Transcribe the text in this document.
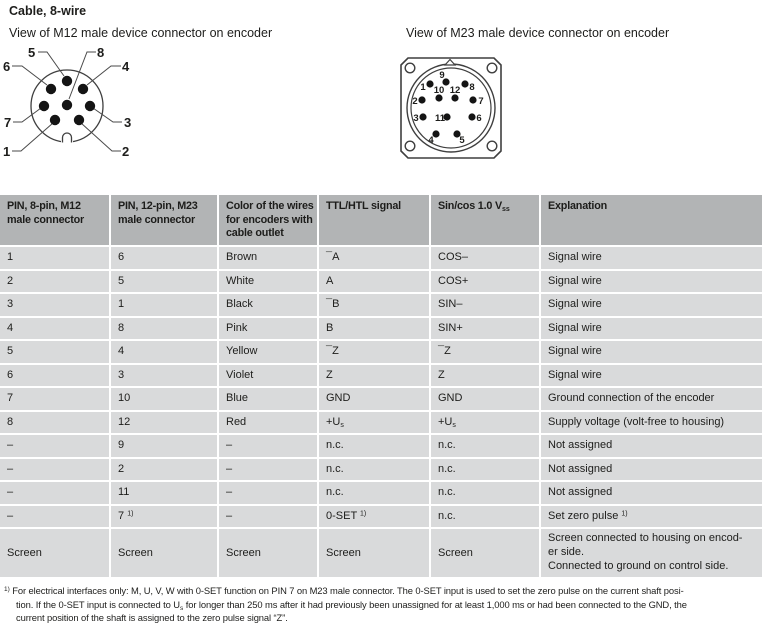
Cable, 8-wire
View of M12 male device connector on encoder	View of M23 male device connector on encoder
5	8
6	4
7	3
1	2
9
1	8
10 12
2	7
3 11	6
4	5
PIN, 8-pin, M12
male connector	PIN, 12-pin, M23
male connector	Color of the wires
for encoders with
cable outlet	TTL/HTL signal	Sin/cos 1.0 $V_{ss}$	Explanation
1	6	Brown	¯A	COS–	Signal wire
2	5	White	A	COS+	Signal wire
3	1	Black	¯B	SIN–	Signal wire
4	8	Pink	B	SIN+	Signal wire
5	4	Yellow	¯Z	¯Z	Signal wire
6	3	Violet	Z	Z	Signal wire
7	10	Blue	GND	GND	Ground connection of the encoder
8	12	Red	$+U_s$	$+U_s$	Supply voltage (volt-free to housing)
–	9	–	n.c.	n.c.	Not assigned
–	2	–	n.c.	n.c.	Not assigned
–	11	–	n.c.	n.c.	Not assigned
–	7 $^{1)}$	–	0-SET $^{1)}$	n.c.	Set zero pulse $^{1)}$
Screen	Screen	Screen	Screen	Screen	Screen connected to housing on encod-
er side.
Connected to ground on control side.
$^{1)}$ For electrical interfaces only: M, U, V, W with 0-SET function on PIN 7 on M23 male connector. The 0-SET input is used to set the zero pulse on the current shaft posi-
tion. If the 0-SET input is connected to $U_s$ for longer than 250 ms after it had previously been unassigned for at least 1,000 ms or had been connected to the GND, the
current position of the shaft is assigned to the zero pulse signal “Z”.
